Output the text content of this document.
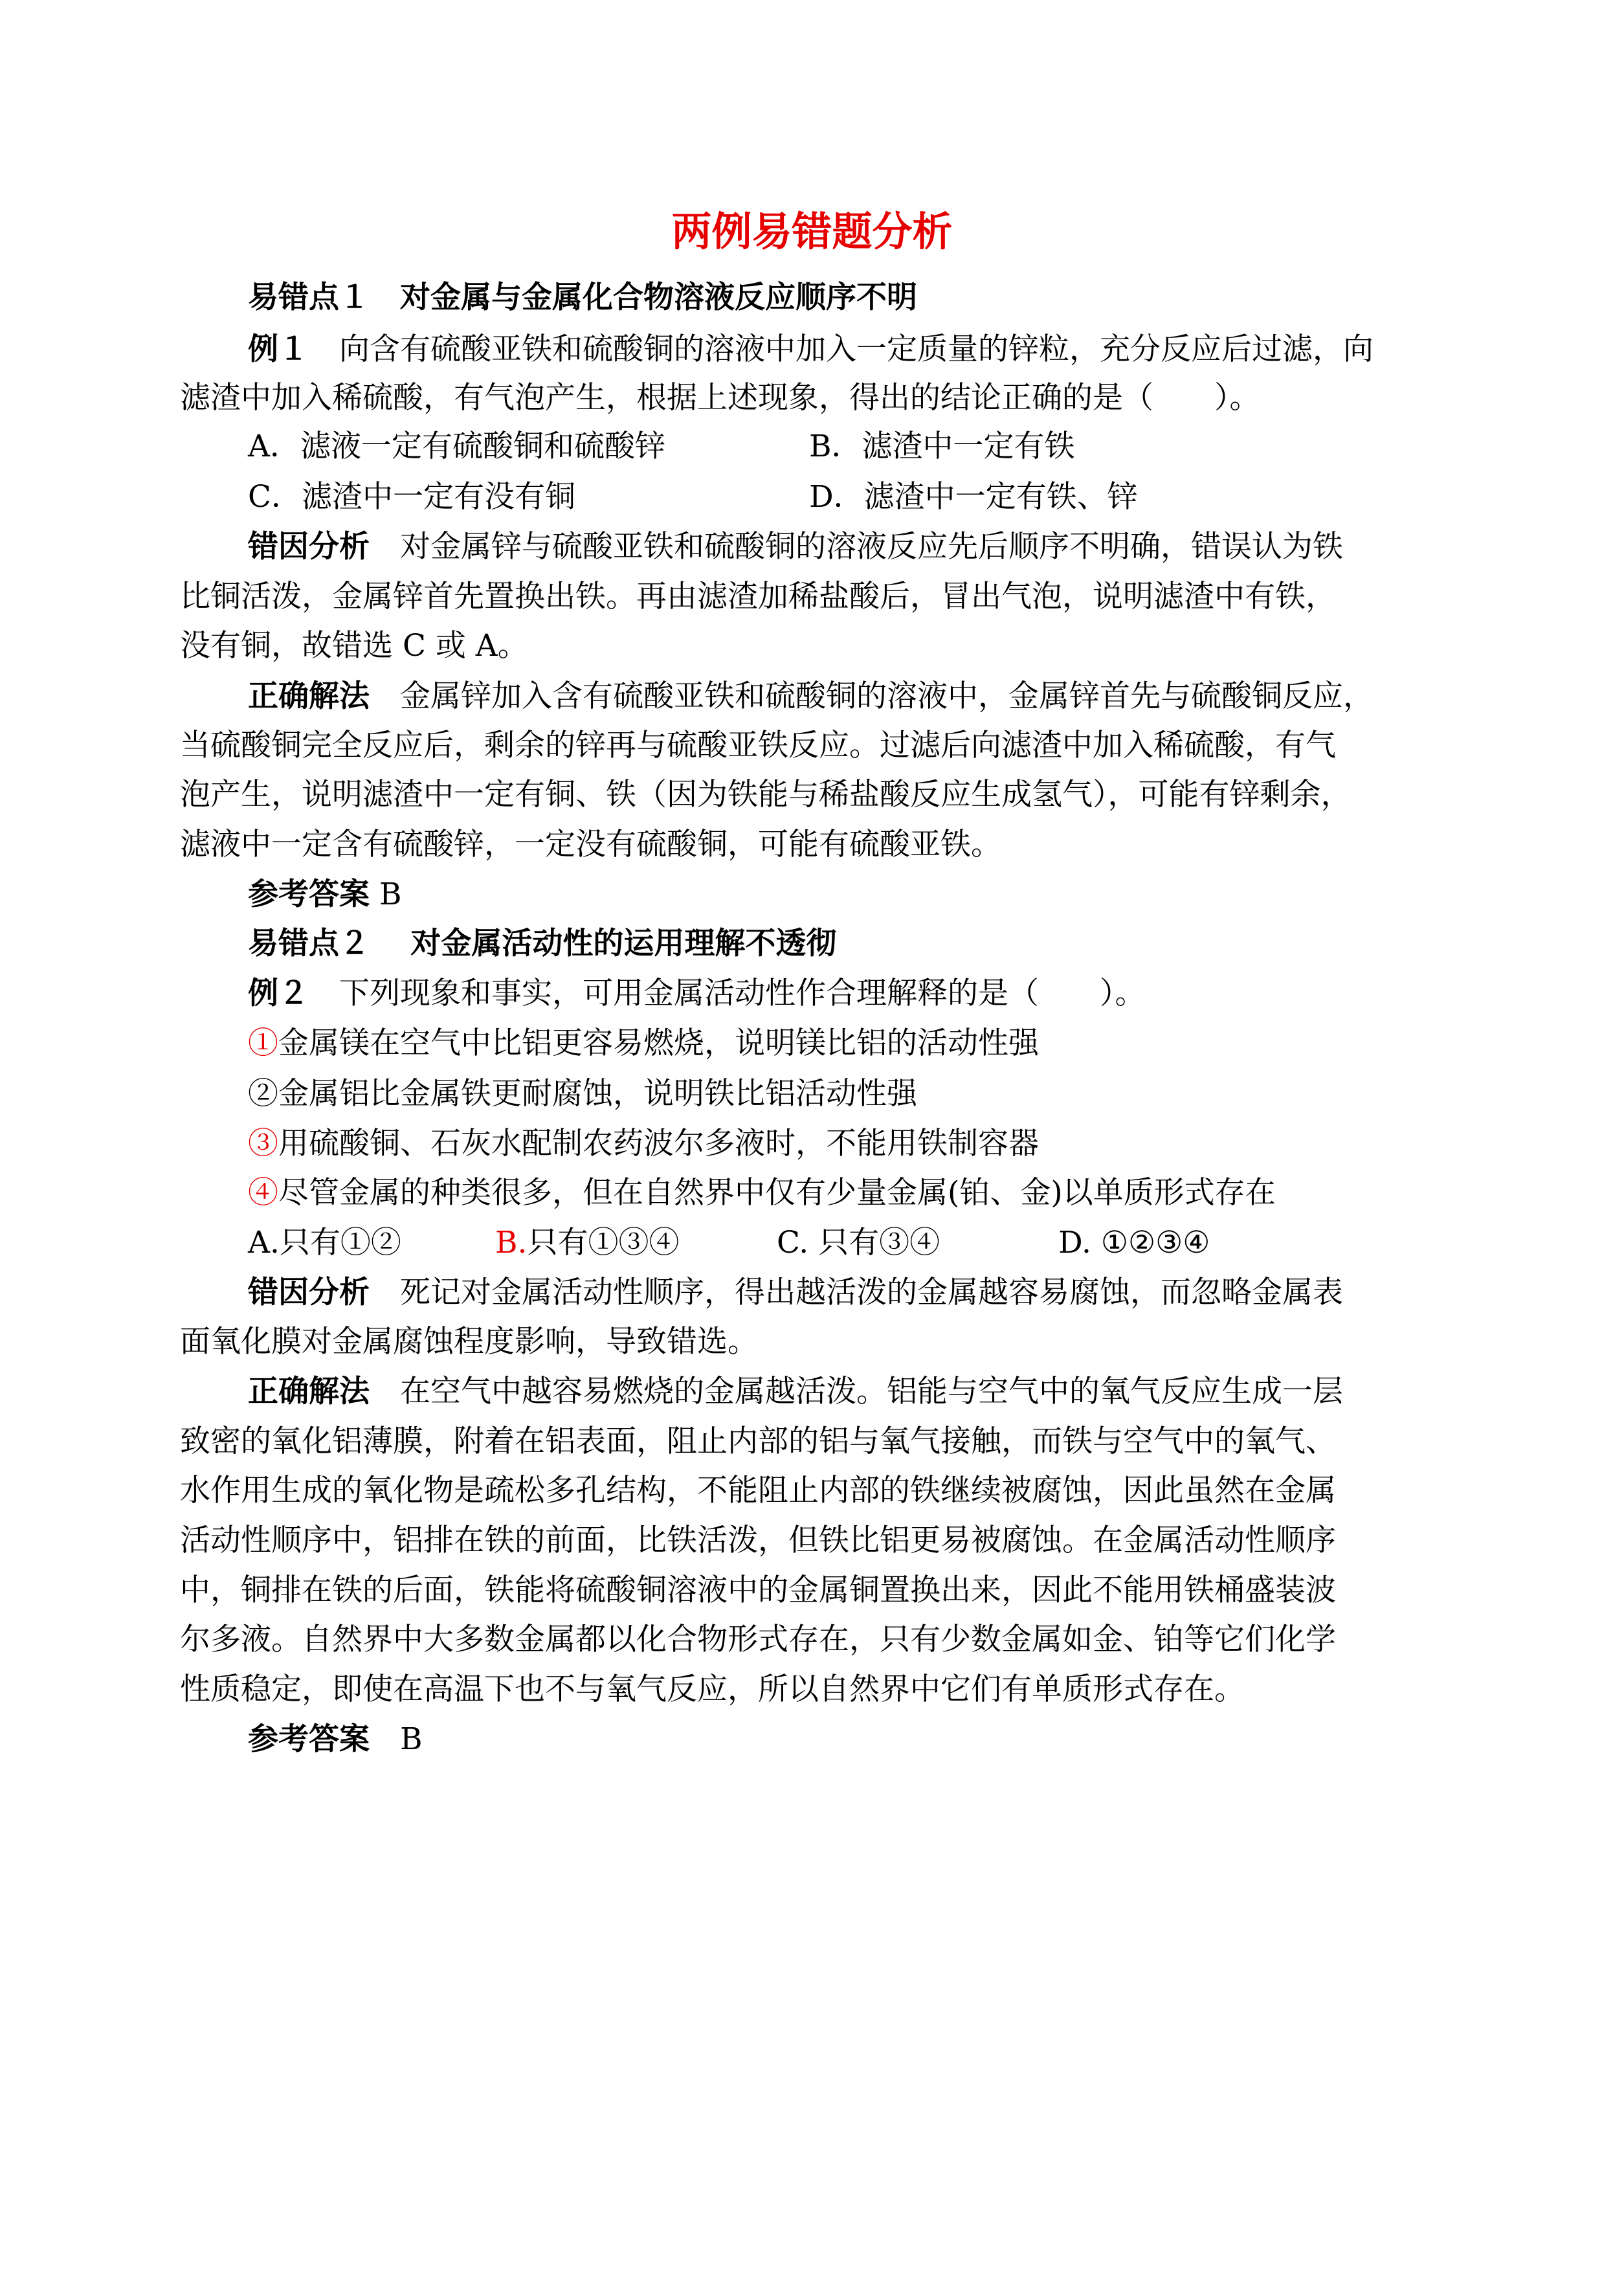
两例易错题分析
易错点１　对金属与金属化合物溶液反应顺序不明
例１　向含有硫酸亚铁和硫酸铜的溶液中加入一定质量的锌粒，充分反应后过滤，向
滤渣中加入稀硫酸，有气泡产生，根据上述现象，得出的结论正确的是（　　）。
A．滤液一定有硫酸铜和硫酸锌	B．滤渣中一定有铁
C．滤渣中一定有没有铜	D．滤渣中一定有铁、锌
错因分析　对金属锌与硫酸亚铁和硫酸铜的溶液反应先后顺序不明确，错误认为铁
比铜活泼，金属锌首先置换出铁。再由滤渣加稀盐酸后，冒出气泡，说明滤渣中有铁，
没有铜，故错选 C 或 A。
正确解法　金属锌加入含有硫酸亚铁和硫酸铜的溶液中，金属锌首先与硫酸铜反应，
当硫酸铜完全反应后，剩余的锌再与硫酸亚铁反应。过滤后向滤渣中加入稀硫酸，有气
泡产生，说明滤渣中一定有铜、铁（因为铁能与稀盐酸反应生成氢气），可能有锌剩余，
滤液中一定含有硫酸锌，一定没有硫酸铜，可能有硫酸亚铁。
参考答案 B
易错点２　 对金属活动性的运用理解不透彻
例２　下列现象和事实，可用金属活动性作合理解释的是（　　）。
①金属镁在空气中比铝更容易燃烧，说明镁比铝的活动性强
②金属铝比金属铁更耐腐蚀，说明铁比铝活动性强
③用硫酸铜、石灰水配制农药波尔多液时，不能用铁制容器
④尽管金属的种类很多，但在自然界中仅有少量金属(铂、金)以单质形式存在
A.只有①②	B.只有①③④	C. 只有③④	D. ①②③④
错因分析　死记对金属活动性顺序，得出越活泼的金属越容易腐蚀，而忽略金属表
面氧化膜对金属腐蚀程度影响，导致错选。
正确解法　在空气中越容易燃烧的金属越活泼。铝能与空气中的氧气反应生成一层
致密的氧化铝薄膜，附着在铝表面，阻止内部的铝与氧气接触，而铁与空气中的氧气、
水作用生成的氧化物是疏松多孔结构，不能阻止内部的铁继续被腐蚀，因此虽然在金属
活动性顺序中，铝排在铁的前面，比铁活泼，但铁比铝更易被腐蚀。在金属活动性顺序
中，铜排在铁的后面，铁能将硫酸铜溶液中的金属铜置换出来，因此不能用铁桶盛装波
尔多液。自然界中大多数金属都以化合物形式存在，只有少数金属如金、铂等它们化学
性质稳定，即使在高温下也不与氧气反应，所以自然界中它们有单质形式存在。
参考答案　B
